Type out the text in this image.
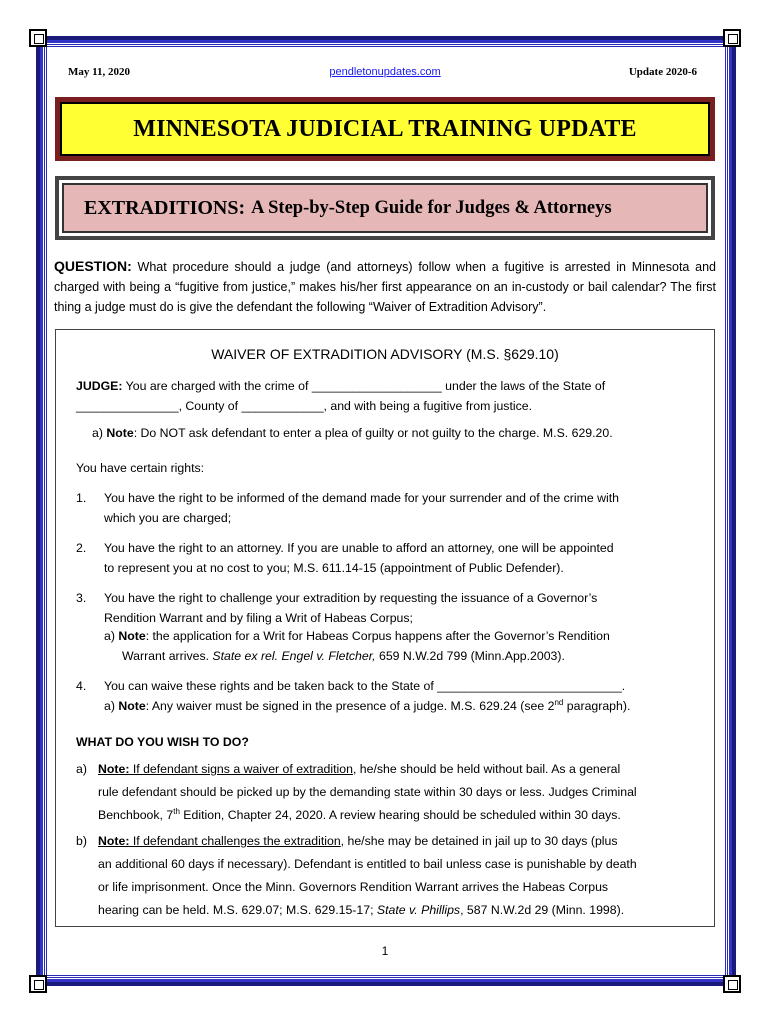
May 11, 2020	pendletonupdates.com	Update 2020-6
MINNESOTA JUDICIAL TRAINING UPDATE
EXTRADITIONS: A Step-by-Step Guide for Judges & Attorneys
QUESTION: What procedure should a judge (and attorneys) follow when a fugitive is arrested in Minnesota and charged with being a “fugitive from justice,” makes his/her first appearance on an in-custody or bail calendar? The first thing a judge must do is give the defendant the following “Waiver of Extradition Advisory”.
WAIVER OF EXTRADITION ADVISORY (M.S. §629.10)
JUDGE: You are charged with the crime of ___________________ under the laws of the State of
_______________, County of ____________, and with being a fugitive from justice.
a) Note: Do NOT ask defendant to enter a plea of guilty or not guilty to the charge. M.S. 629.20.
You have certain rights:
1. You have the right to be informed of the demand made for your surrender and of the crime with
which you are charged;
2. You have the right to an attorney. If you are unable to afford an attorney, one will be appointed
to represent you at no cost to you; M.S. 611.14-15 (appointment of Public Defender).
3. You have the right to challenge your extradition by requesting the issuance of a Governor’s
Rendition Warrant and by filing a Writ of Habeas Corpus;
a) Note: the application for a Writ for Habeas Corpus happens after the Governor’s Rendition
Warrant arrives. State ex rel. Engel v. Fletcher, 659 N.W.2d 799 (Minn.App.2003).
4. You can waive these rights and be taken back to the State of ___________________________.
a) Note: Any waiver must be signed in the presence of a judge. M.S. 629.24 (see 2nd paragraph).
WHAT DO YOU WISH TO DO?
a) Note: If defendant signs a waiver of extradition, he/she should be held without bail. As a general
rule defendant should be picked up by the demanding state within 30 days or less. Judges Criminal
Benchbook, 7th Edition, Chapter 24, 2020. A review hearing should be scheduled within 30 days.
b) Note: If defendant challenges the extradition, he/she may be detained in jail up to 30 days (plus
an additional 60 days if necessary). Defendant is entitled to bail unless case is punishable by death
or life imprisonment. Once the Minn. Governors Rendition Warrant arrives the Habeas Corpus
hearing can be held. M.S. 629.07; M.S. 629.15-17; State v. Phillips, 587 N.W.2d 29 (Minn. 1998).
1
